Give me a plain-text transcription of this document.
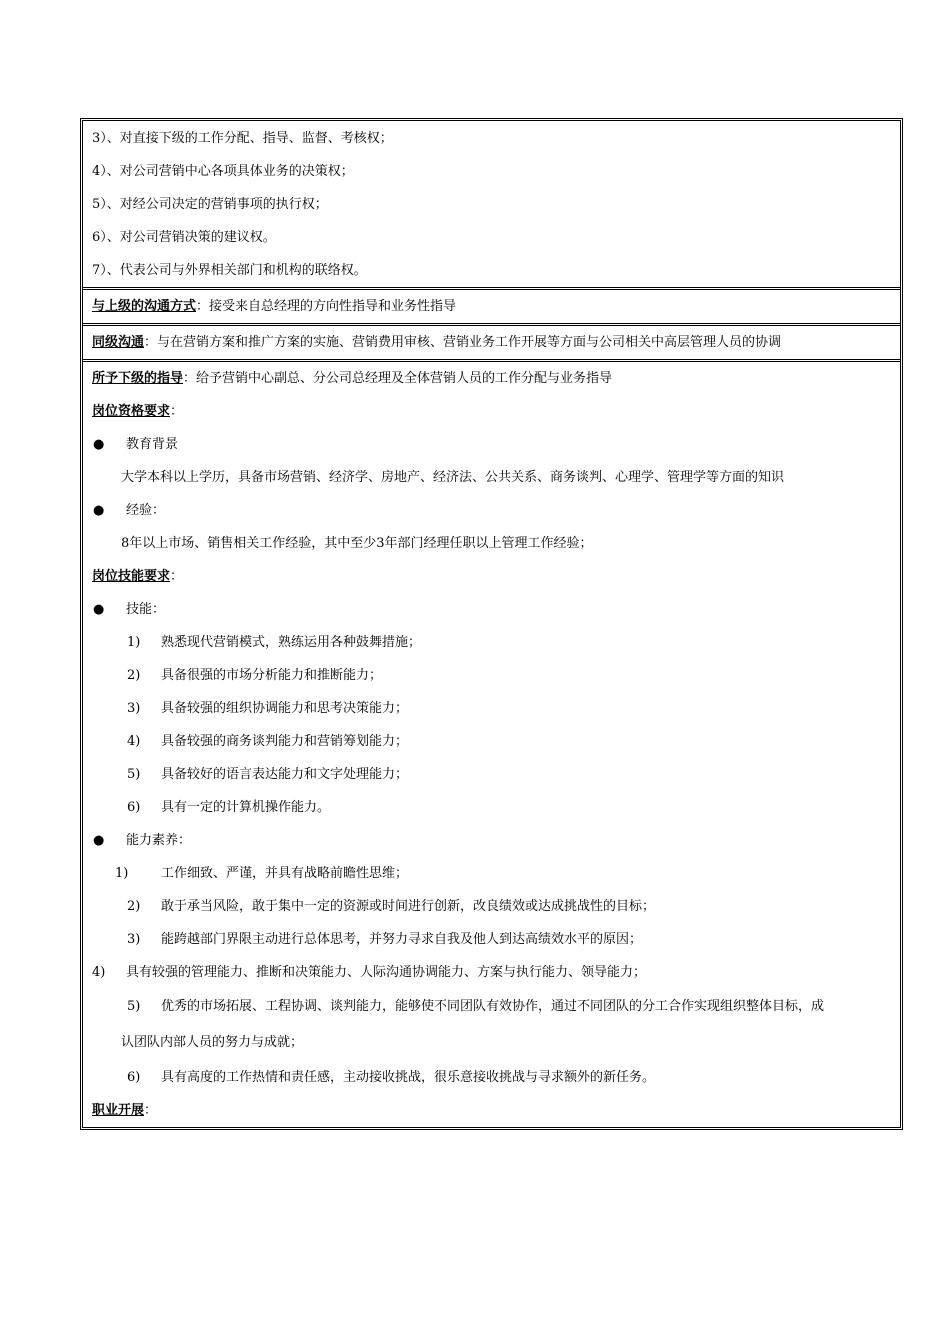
3）、对直接下级的工作分配、指导、监督、考核权；
4）、对公司营销中心各项具体业务的决策权；
5）、对经公司决定的营销事项的执行权；
6）、对公司营销决策的建议权。
7）、代表公司与外界相关部门和机构的联络权。
与上级的沟通方式：接受来自总经理的方向性指导和业务性指导
同级沟通：与在营销方案和推广方案的实施、营销费用审核、营销业务工作开展等方面与公司相关中高层管理人员的协调
所予下级的指导：给予营销中心副总、分公司总经理及全体营销人员的工作分配与业务指导
岗位资格要求：
● 教育背景
大学本科以上学历，具备市场营销、经济学、房地产、经济法、公共关系、商务谈判、心理学、管理学等方面的知识
● 经验：
8年以上市场、销售相关工作经验，其中至少3年部门经理任职以上管理工作经验；
岗位技能要求：
● 技能：
1) 熟悉现代营销模式，熟练运用各种鼓舞措施；
2) 具备很强的市场分析能力和推断能力；
3) 具备较强的组织协调能力和思考决策能力；
4) 具备较强的商务谈判能力和营销筹划能力；
5) 具备较好的语言表达能力和文字处理能力；
6) 具有一定的计算机操作能力。
● 能力素养：
1)	工作细致、严谨，并具有战略前瞻性思维；
2) 敢于承当风险，敢于集中一定的资源或时间进行创新，改良绩效或达成挑战性的目标；
3) 能跨越部门界限主动进行总体思考，并努力寻求自我及他人到达高绩效水平的原因；
4) 具有较强的管理能力、推断和决策能力、人际沟通协调能力、方案与执行能力、领导能力；
5) 优秀的市场拓展、工程协调、谈判能力，能够使不同团队有效协作，通过不同团队的分工合作实现组织整体目标，成
认团队内部人员的努力与成就；
6) 具有高度的工作热情和责任感，主动接收挑战，很乐意接收挑战与寻求额外的新任务。
职业开展：
